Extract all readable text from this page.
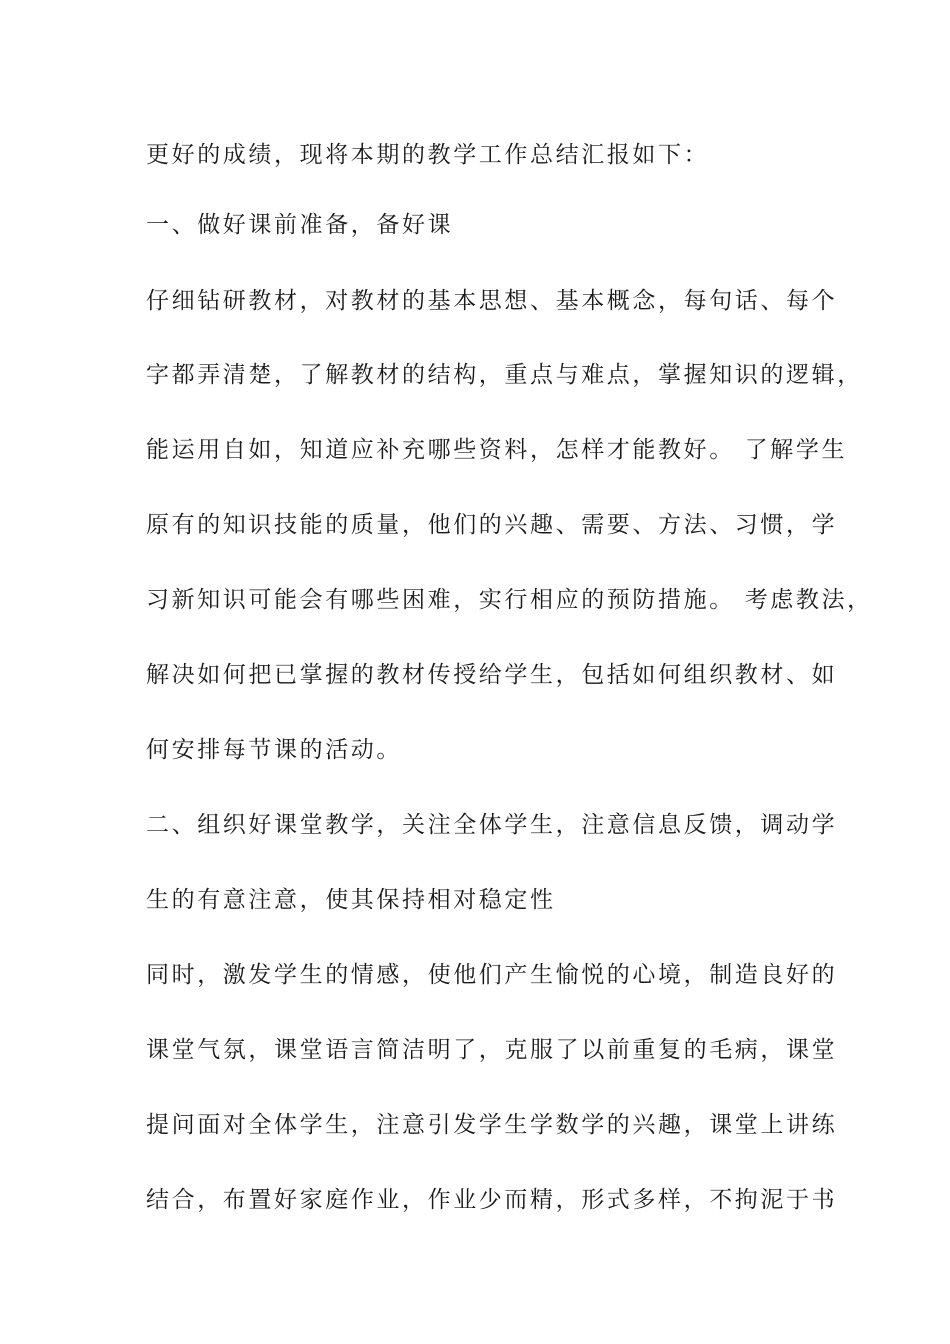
更好的成绩，现将本期的教学工作总结汇报如下：
一、做好课前准备，备好课
仔细钻研教材，对教材的基本思想、基本概念，每句话、每个
字都弄清楚，了解教材的结构，重点与难点，掌握知识的逻辑，
能运用自如，知道应补充哪些资料，怎样才能教好。 了解学生
原有的知识技能的质量，他们的兴趣、需要、方法、习惯，学
习新知识可能会有哪些困难，实行相应的预防措施。 考虑教法，
解决如何把已掌握的教材传授给学生，包括如何组织教材、如
何安排每节课的活动。
二、组织好课堂教学，关注全体学生，注意信息反馈，调动学
生的有意注意，使其保持相对稳定性
同时，激发学生的情感，使他们产生愉悦的心境，制造良好的
课堂气氛，课堂语言简洁明了，克服了以前重复的毛病，课堂
提问面对全体学生，注意引发学生学数学的兴趣，课堂上讲练
结合，布置好家庭作业，作业少而精，形式多样，不拘泥于书
